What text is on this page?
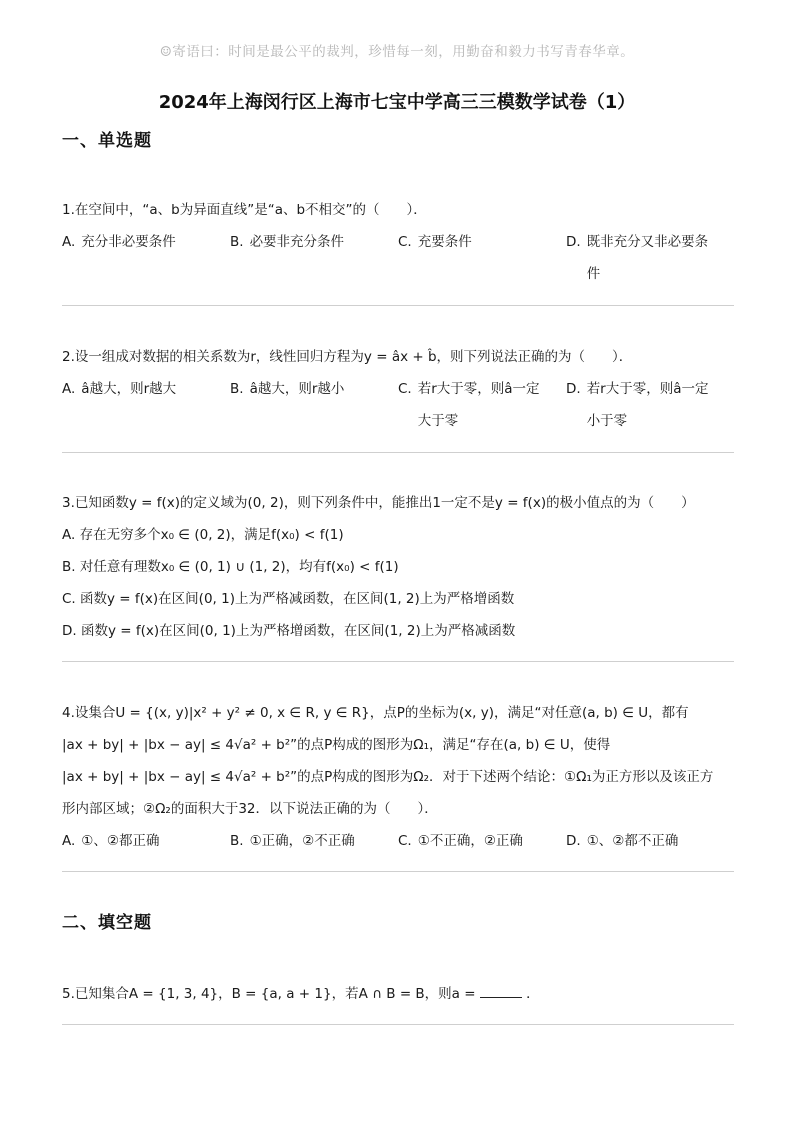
☺寄语曰：时间是最公平的裁判，珍惜每一刻，用勤奋和毅力书写青春华章。
2024年上海闵行区上海市七宝中学高三三模数学试卷（1）
一、单选题
1.在空间中，“a、b为异面直线”是“a、b不相交”的（　　）．
A. 充分非必要条件	B. 必要非充分条件	C. 充要条件	D. 既非充分又非必要条
件
2.设一组成对数据的相关系数为r，线性回归方程为y = âx + b̂，则下列说法正确的为（　　）．
A. â越大，则r越大	B. â越大，则r越小	C. 若r大于零，则â一定
大于零
D. 若r大于零，则â一定
小于零
3.已知函数y = f(x)的定义域为(0, 2)，则下列条件中，能推出1一定不是y = f(x)的极小值点的为（　　）
A. 存在无穷多个x₀ ∈ (0, 2)，满足f(x₀) < f(1)
B. 对任意有理数x₀ ∈ (0, 1) ∪ (1, 2)，均有f(x₀) < f(1)
C. 函数y = f(x)在区间(0, 1)上为严格减函数，在区间(1, 2)上为严格增函数
D. 函数y = f(x)在区间(0, 1)上为严格增函数，在区间(1, 2)上为严格减函数
4.设集合U = {(x, y)|x² + y² ≠ 0, x ∈ R, y ∈ R}，点P的坐标为(x, y)，满足“对任意(a, b) ∈ U，都有
|ax + by| + |bx − ay| ≤ 4√a² + b²”的点P构成的图形为Ω₁，满足“存在(a, b) ∈ U，使得
|ax + by| + |bx − ay| ≤ 4√a² + b²”的点P构成的图形为Ω₂．对于下述两个结论：①Ω₁为正方形以及该正方
形内部区域；②Ω₂的面积大于32．以下说法正确的为（　　）．
A. ①、②都正确	B. ①正确，②不正确	C. ①不正确，②正确	D. ①、②都不正确
二、填空题
5.已知集合A = {1, 3, 4}，B = {a, a + 1}，若A ∩ B = B，则a =	．
